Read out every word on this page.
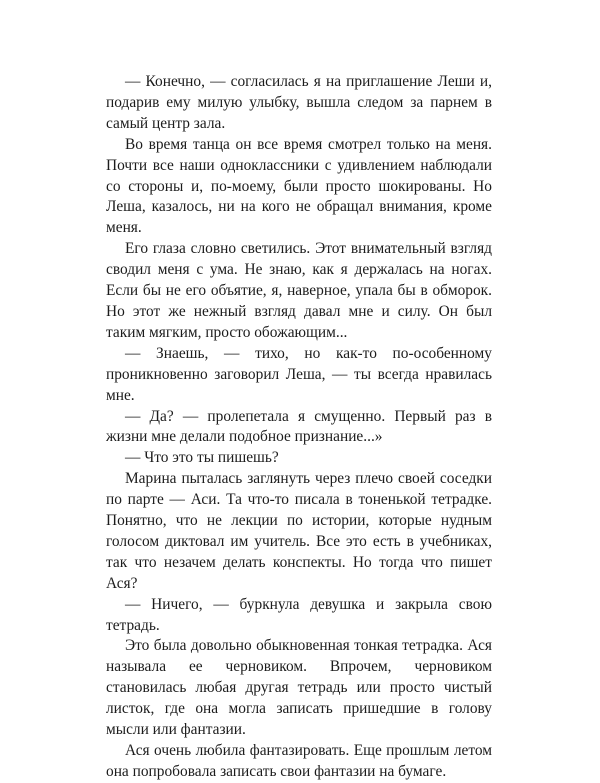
— Конечно, — согласилась я на приглашение Леши и, подарив ему милую улыбку, вышла следом за парнем в самый центр зала.

Во время танца он все время смотрел только на меня. Почти все наши одноклассники с удивлением наблюдали со стороны и, по-моему, были просто шокированы. Но Леша, казалось, ни на кого не обращал внимания, кроме меня.

Его глаза словно светились. Этот внимательный взгляд сводил меня с ума. Не знаю, как я держалась на ногах. Если бы не его объятие, я, наверное, упала бы в обморок. Но этот же нежный взгляд давал мне и силу. Он был таким мягким, просто обожающим...

— Знаешь, — тихо, но как-то по-особенному проникновенно заговорил Леша, — ты всегда нравилась мне.

— Да? — пролепетала я смущенно. Первый раз в жизни мне делали подобное признание...»

— Что это ты пишешь?

Марина пыталась заглянуть через плечо своей соседки по парте — Аси. Та что-то писала в тоненькой тетрадке. Понятно, что не лекции по истории, которые нудным голосом диктовал им учитель. Все это есть в учебниках, так что незачем делать конспекты. Но тогда что пишет Ася?

— Ничего, — буркнула девушка и закрыла свою тетрадь.

Это была довольно обыкновенная тонкая тетрадка. Ася называла ее черновиком. Впрочем, черновиком становилась любая другая тетрадь или просто чистый листок, где она могла записать пришедшие в голову мысли или фантазии.

Ася очень любила фантазировать. Еще прошлым летом она попробовала записать свои фантазии на бумаге.
